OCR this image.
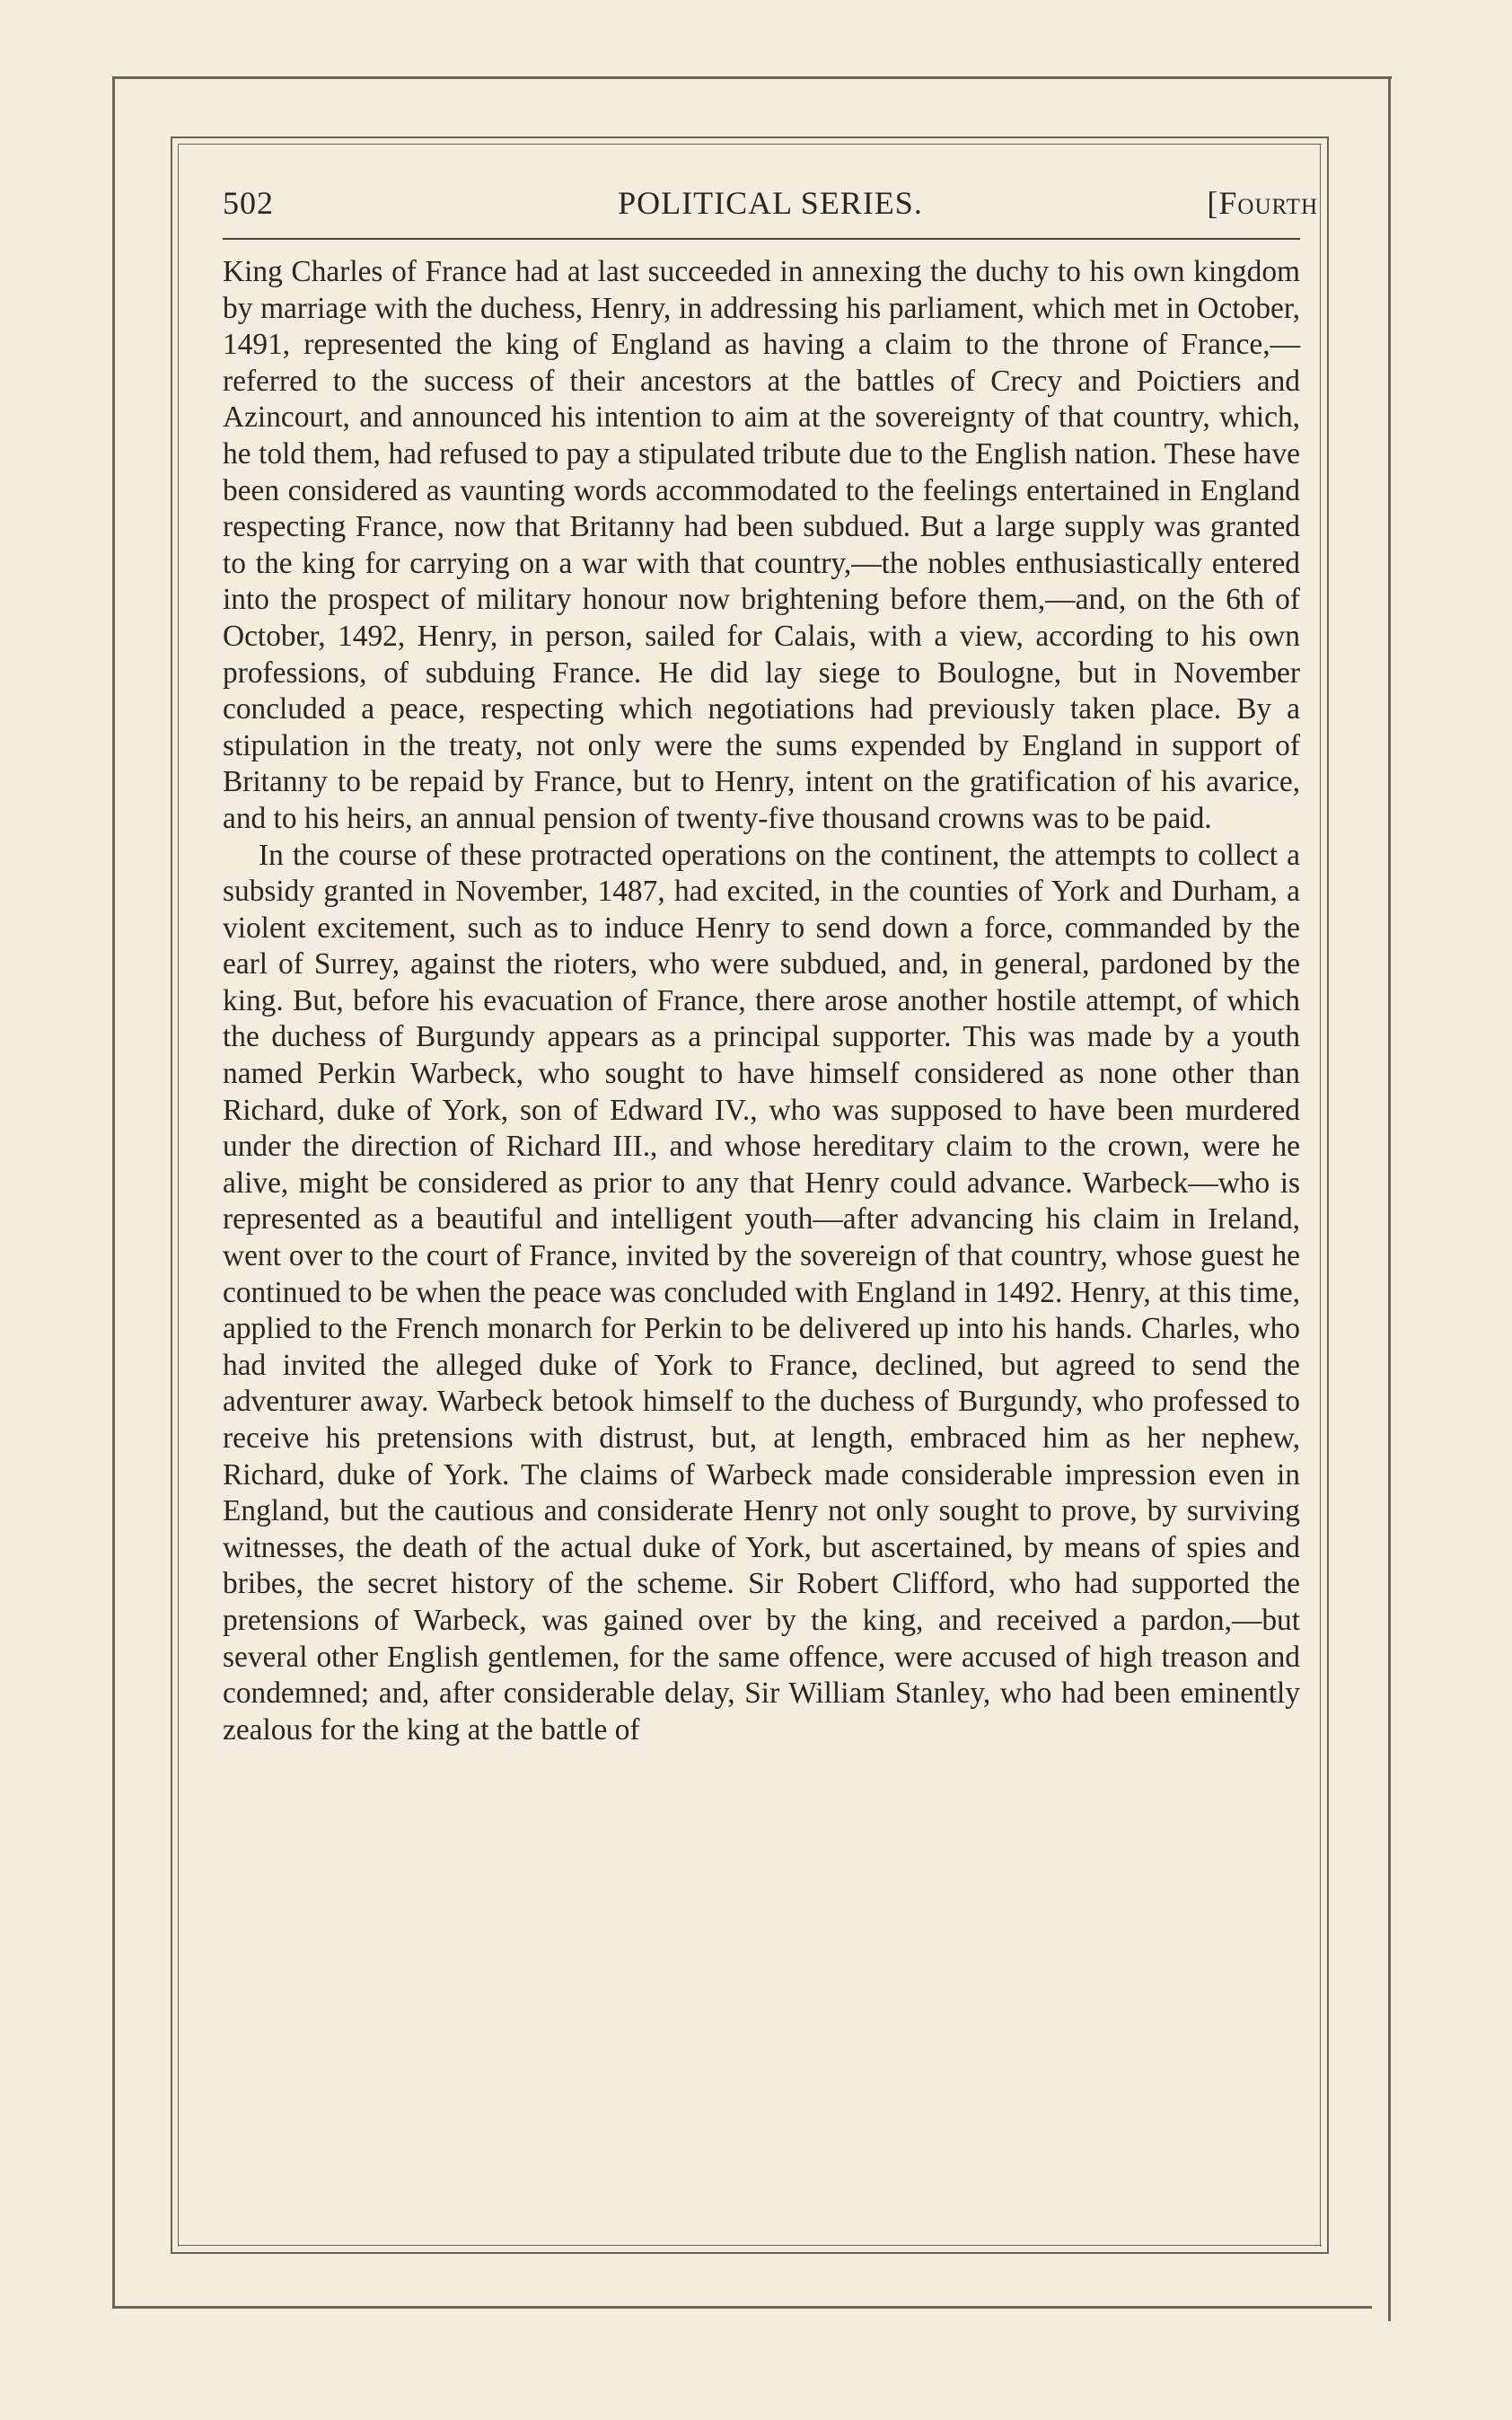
502	POLITICAL SERIES.	[Fourth

King Charles of France had at last succeeded in annexing the duchy to his own kingdom by marriage with the duchess, Henry, in addressing his parliament, which met in October, 1491, represented the king of England as having a claim to the throne of France,—referred to the success of their ancestors at the battles of Crecy and Poictiers and Azincourt, and announced his intention to aim at the sovereignty of that country, which, he told them, had refused to pay a stipulated tribute due to the English nation. These have been considered as vaunting words accommodated to the feelings entertained in England respecting France, now that Britanny had been subdued. But a large supply was granted to the king for carrying on a war with that country,—the nobles enthusiastically entered into the prospect of military honour now brightening before them,—and, on the 6th of October, 1492, Henry, in person, sailed for Calais, with a view, according to his own professions, of subduing France. He did lay siege to Boulogne, but in November concluded a peace, respecting which negotiations had previously taken place. By a stipulation in the treaty, not only were the sums expended by England in support of Britanny to be repaid by France, but to Henry, intent on the gratification of his avarice, and to his heirs, an annual pension of twenty-five thousand crowns was to be paid.

In the course of these protracted operations on the continent, the attempts to collect a subsidy granted in November, 1487, had excited, in the counties of York and Durham, a violent excitement, such as to induce Henry to send down a force, commanded by the earl of Surrey, against the rioters, who were subdued, and, in general, pardoned by the king. But, before his evacuation of France, there arose another hostile attempt, of which the duchess of Burgundy appears as a principal supporter. This was made by a youth named Perkin Warbeck, who sought to have himself considered as none other than Richard, duke of York, son of Edward IV., who was supposed to have been murdered under the direction of Richard III., and whose hereditary claim to the crown, were he alive, might be considered as prior to any that Henry could advance. Warbeck—who is represented as a beautiful and intelligent youth—after advancing his claim in Ireland, went over to the court of France, invited by the sovereign of that country, whose guest he continued to be when the peace was concluded with England in 1492. Henry, at this time, applied to the French monarch for Perkin to be delivered up into his hands. Charles, who had invited the alleged duke of York to France, declined, but agreed to send the adventurer away. Warbeck betook himself to the duchess of Burgundy, who professed to receive his pretensions with distrust, but, at length, embraced him as her nephew, Richard, duke of York. The claims of Warbeck made considerable impression even in England, but the cautious and considerate Henry not only sought to prove, by surviving witnesses, the death of the actual duke of York, but ascertained, by means of spies and bribes, the secret history of the scheme. Sir Robert Clifford, who had supported the pretensions of Warbeck, was gained over by the king, and received a pardon,—but several other English gentlemen, for the same offence, were accused of high treason and condemned; and, after considerable delay, Sir William Stanley, who had been eminently zealous for the king at the battle of
